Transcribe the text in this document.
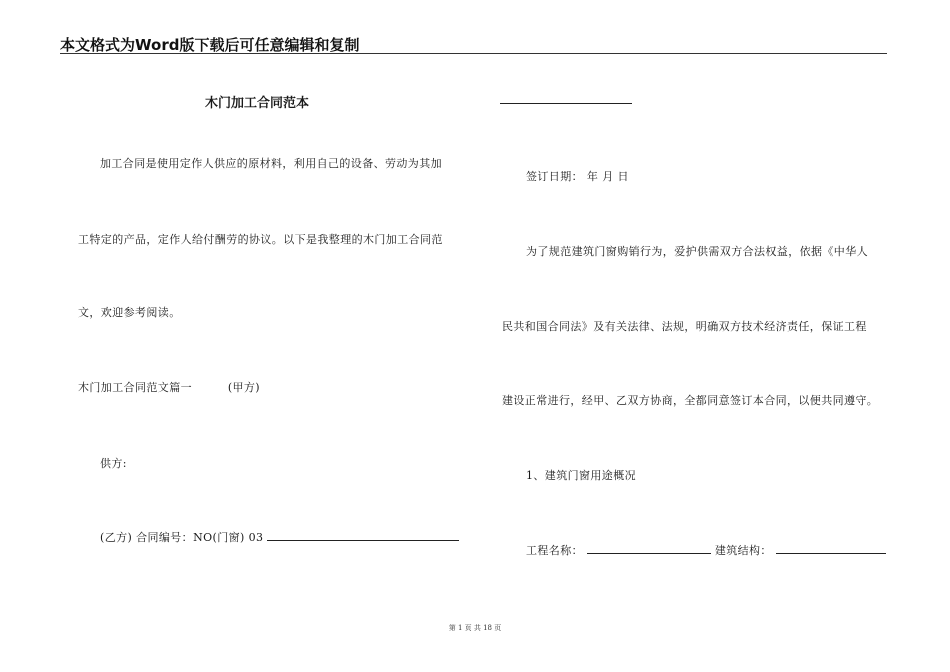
本文格式为Word版下载后可任意编辑和复制
木门加工合同范本
加工合同是使用定作人供应的原材料，利用自己的设备、劳动为其加
工特定的产品，定作人给付酬劳的协议。以下是我整理的木门加工合同范
文，欢迎参考阅读。
木门加工合同范文篇一	(甲方)
供方:
(乙方) 合同编号：NO(门窗) 03
签订日期： 年 月 日
为了规范建筑门窗购销行为，爱护供需双方合法权益，依据《中华人
民共和国合同法》及有关法律、法规，明确双方技术经济责任，保证工程
建设正常进行，经甲、乙双方协商，全都同意签订本合同，以便共同遵守。
1、建筑门窗用途概况
工程名称：	建筑结构：
第 1 页 共 18 页
